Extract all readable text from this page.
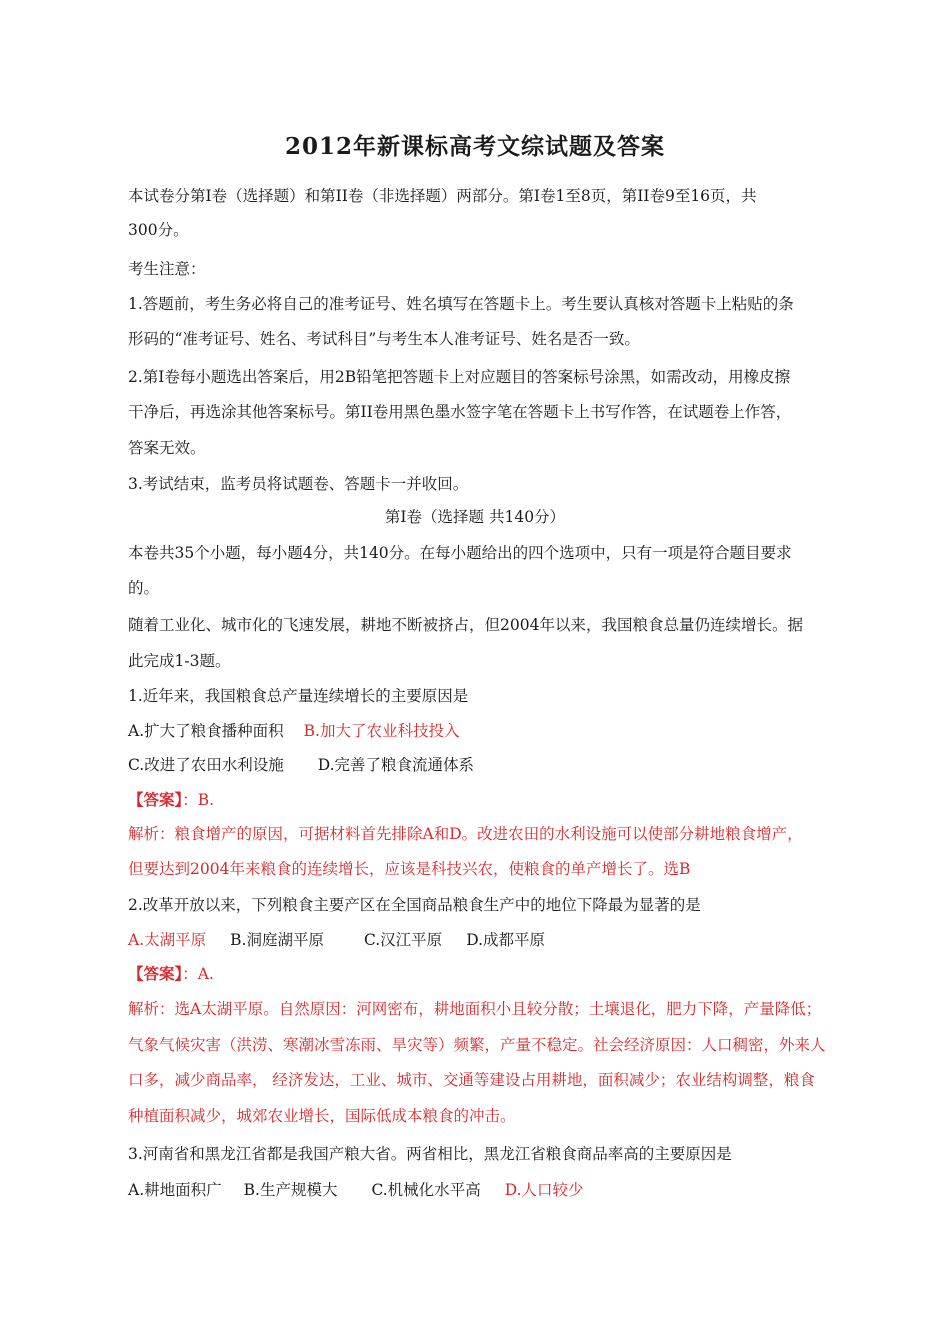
2012年新课标高考文综试题及答案
本试卷分第Ⅰ卷（选择题）和第II卷（非选择题）两部分。第Ⅰ卷1至8页，第II卷9至16页，共
300分。
考生注意：
1.答题前，考生务必将自己的准考证号、姓名填写在答题卡上。考生要认真核对答题卡上粘贴的条
形码的“准考证号、姓名、考试科目”与考生本人准考证号、姓名是否一致。
2.第Ⅰ卷每小题选出答案后，用2B铅笔把答题卡上对应题目的答案标号涂黑，如需改动，用橡皮擦
干净后，再选涂其他答案标号。第II卷用黑色墨水签字笔在答题卡上书写作答，在试题卷上作答，
答案无效。
3.考试结束，监考员将试题卷、答题卡一并收回。
第Ⅰ卷（选择题 共140分）
本卷共35个小题，每小题4分，共140分。在每小题给出的四个选项中，只有一项是符合题目要求
的。
随着工业化、城市化的飞速发展，耕地不断被挤占，但2004年以来，我国粮食总量仍连续增长。据
此完成1-3题。
1.近年来，我国粮食总产量连续增长的主要原因是
A.扩大了粮食播种面积 B.加大了农业科技投入
C.改进了农田水利设施 D.完善了粮食流通体系
【答案】：B.
解析：粮食增产的原因，可据材料首先排除A和D。改进农田的水利设施可以使部分耕地粮食增产，
但要达到2004年来粮食的连续增长，应该是科技兴农，使粮食的单产增长了。选B
2.改革开放以来，下列粮食主要产区在全国商品粮食生产中的地位下降最为显著的是
A.太湖平原 B.洞庭湖平原	C.汉江平原 D.成都平原
【答案】：A.
解析：选A太湖平原。自然原因：河网密布，耕地面积小且较分散；土壤退化，肥力下降，产量降低；
气象气候灾害（洪涝、寒潮冰雪冻雨、旱灾等）频繁，产量不稳定。社会经济原因：人口稠密，外来人
口多，减少商品率， 经济发达，工业、城市、交通等建设占用耕地，面积减少；农业结构调整，粮食
种植面积减少，城郊农业增长，国际低成本粮食的冲击。
3.河南省和黑龙江省都是我国产粮大省。两省相比，黑龙江省粮食商品率高的主要原因是
A.耕地面积广 B.生产规模大 C.机械化水平高 D.人口较少
